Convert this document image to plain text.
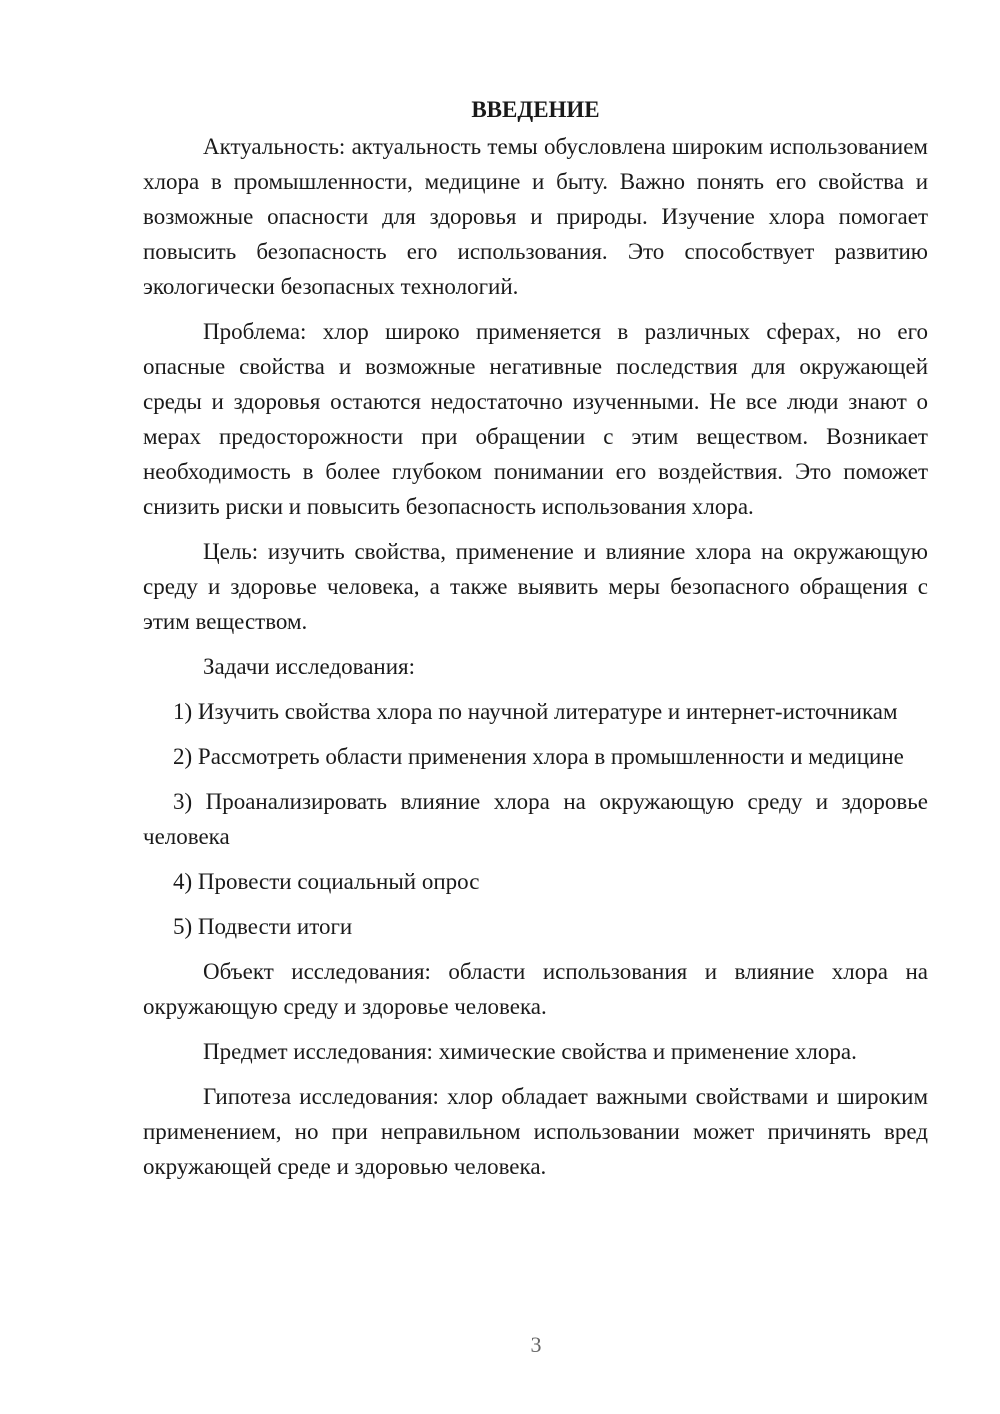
ВВЕДЕНИЕ

Актуальность: актуальность темы обусловлена широким использованием хлора в промышленности, медицине и быту. Важно понять его свойства и возможные опасности для здоровья и природы. Изучение хлора помогает повысить безопасность его использования. Это способствует развитию экологически безопасных технологий.

Проблема: хлор широко применяется в различных сферах, но его опасные свойства и возможные негативные последствия для окружающей среды и здоровья остаются недостаточно изученными. Не все люди знают о мерах предосторожности при обращении с этим веществом. Возникает необходимость в более глубоком понимании его воздействия. Это поможет снизить риски и повысить безопасность использования хлора.

Цель: изучить свойства, применение и влияние хлора на окружающую среду и здоровье человека, а также выявить меры безопасного обращения с этим веществом.

Задачи исследования:

1) Изучить свойства хлора по научной литературе и интернет-источникам

2) Рассмотреть области применения хлора в промышленности и медицине

3) Проанализировать влияние хлора на окружающую среду и здоровье человека

4) Провести социальный опрос

5) Подвести итоги

Объект исследования: области использования и влияние хлора на окружающую среду и здоровье человека.

Предмет исследования: химические свойства и применение хлора.

Гипотеза исследования: хлор обладает важными свойствами и широким применением, но при неправильном использовании может причинять вред окружающей среде и здоровью человека.

3
